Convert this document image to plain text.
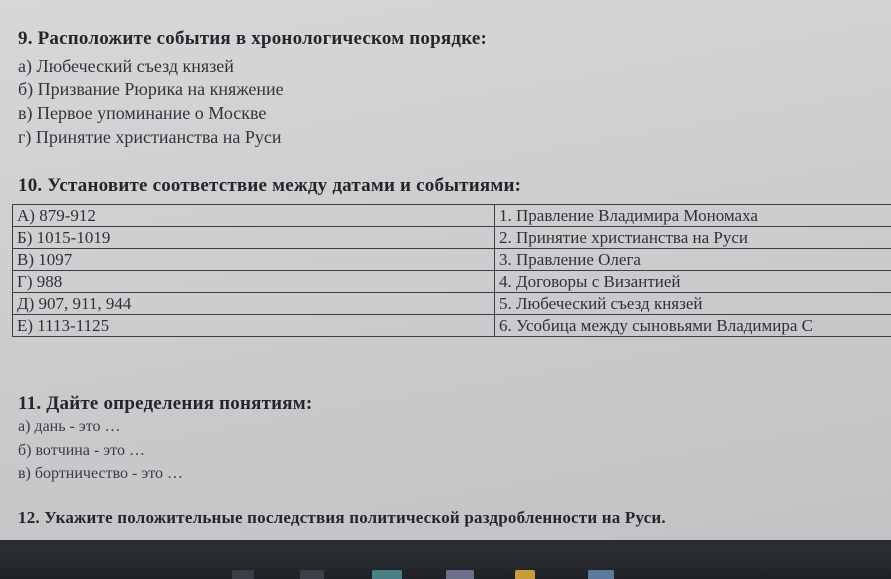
9. Расположите события в хронологическом порядке:
а) Любеческий съезд князей
б) Призвание Рюрика на княжение
в) Первое упоминание о Москве
г) Принятие христианства на Руси
10. Установите соответствие между датами и событиями:
А) 879-912	1. Правление Владимира Мономаха
Б) 1015-1019	2. Принятие христианства на Руси
В) 1097	3. Правление Олега
Г) 988	4. Договоры с Византией
Д) 907, 911, 944	5. Любеческий съезд князей
Е) 1113-1125	6. Усобица между сыновьями Владимира С
11. Дайте определения понятиям:
а) дань - это …
б) вотчина - это …
в) бортничество - это …
12. Укажите положительные последствия политической раздробленности на Руси.
